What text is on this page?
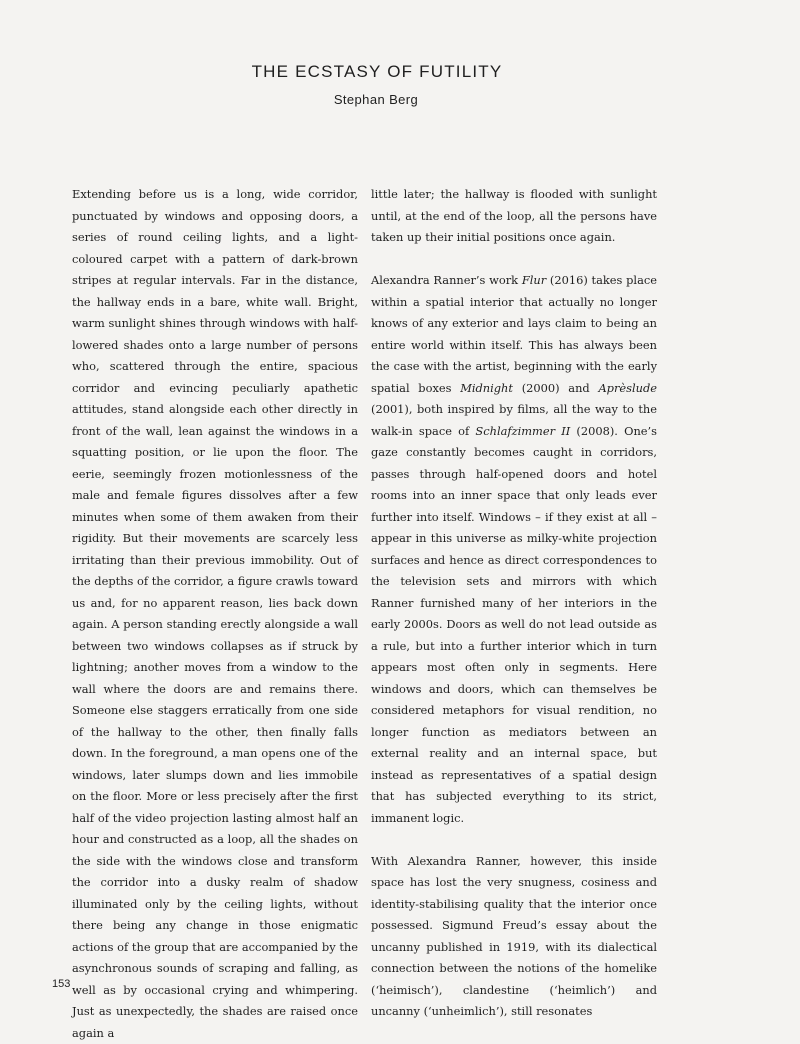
THE ECSTASY OF FUTILITY
Stephan Berg

Extending before us is a long, wide corridor, punctuated by windows and opposing doors, a series of round ceiling lights, and a light-coloured carpet with a pattern of dark-brown stripes at regular intervals. Far in the distance, the hallway ends in a bare, white wall. Bright, warm sunlight shines through windows with half-lowered shades onto a large number of persons who, scattered through the entire, spacious corridor and evincing peculiarly apathetic attitudes, stand alongside each other directly in front of the wall, lean against the windows in a squatting position, or lie upon the floor. The eerie, seemingly frozen motionlessness of the male and female figures dissolves after a few minutes when some of them awaken from their rigidity. But their movements are scarcely less irritating than their previous immobility. Out of the depths of the corridor, a figure crawls toward us and, for no apparent reason, lies back down again. A person standing erectly alongside a wall between two windows collapses as if struck by lightning; another moves from a window to the wall where the doors are and remains there. Someone else staggers erratically from one side of the hallway to the other, then finally falls down. In the foreground, a man opens one of the windows, later slumps down and lies immobile on the floor. More or less precisely after the first half of the video projection lasting almost half an hour and constructed as a loop, all the shades on the side with the windows close and transform the corridor into a dusky realm of shadow illuminated only by the ceiling lights, without there being any change in those enigmatic actions of the group that are accompanied by the asynchronous sounds of scraping and falling, as well as by occasional crying and whimpering. Just as unexpectedly, the shades are raised once again a

little later; the hallway is flooded with sunlight until, at the end of the loop, all the persons have taken up their initial positions once again.

Alexandra Ranner’s work Flur (2016) takes place within a spatial interior that actually no longer knows of any exterior and lays claim to being an entire world within itself. This has always been the case with the artist, beginning with the early spatial boxes Midnight (2000) and Aprèslude (2001), both inspired by films, all the way to the walk-in space of Schlafzimmer II (2008). One’s gaze constantly becomes caught in corridors, passes through half-opened doors and hotel rooms into an inner space that only leads ever further into itself. Windows – if they exist at all – appear in this universe as milky-white projection surfaces and hence as direct correspondences to the television sets and mirrors with which Ranner furnished many of her interiors in the early 2000s. Doors as well do not lead outside as a rule, but into a further interior which in turn appears most often only in segments. Here windows and doors, which can themselves be considered metaphors for visual rendition, no longer function as mediators between an external reality and an internal space, but instead as representatives of a spatial design that has subjected everything to its strict, immanent logic.

With Alexandra Ranner, however, this inside space has lost the very snugness, cosiness and identity-stabilising quality that the interior once possessed. Sigmund Freud’s essay about the uncanny published in 1919, with its dialectical connection between the notions of the homelike (‘heimisch’), clandestine (‘heimlich’) and uncanny (‘unheimlich’), still resonates

153
